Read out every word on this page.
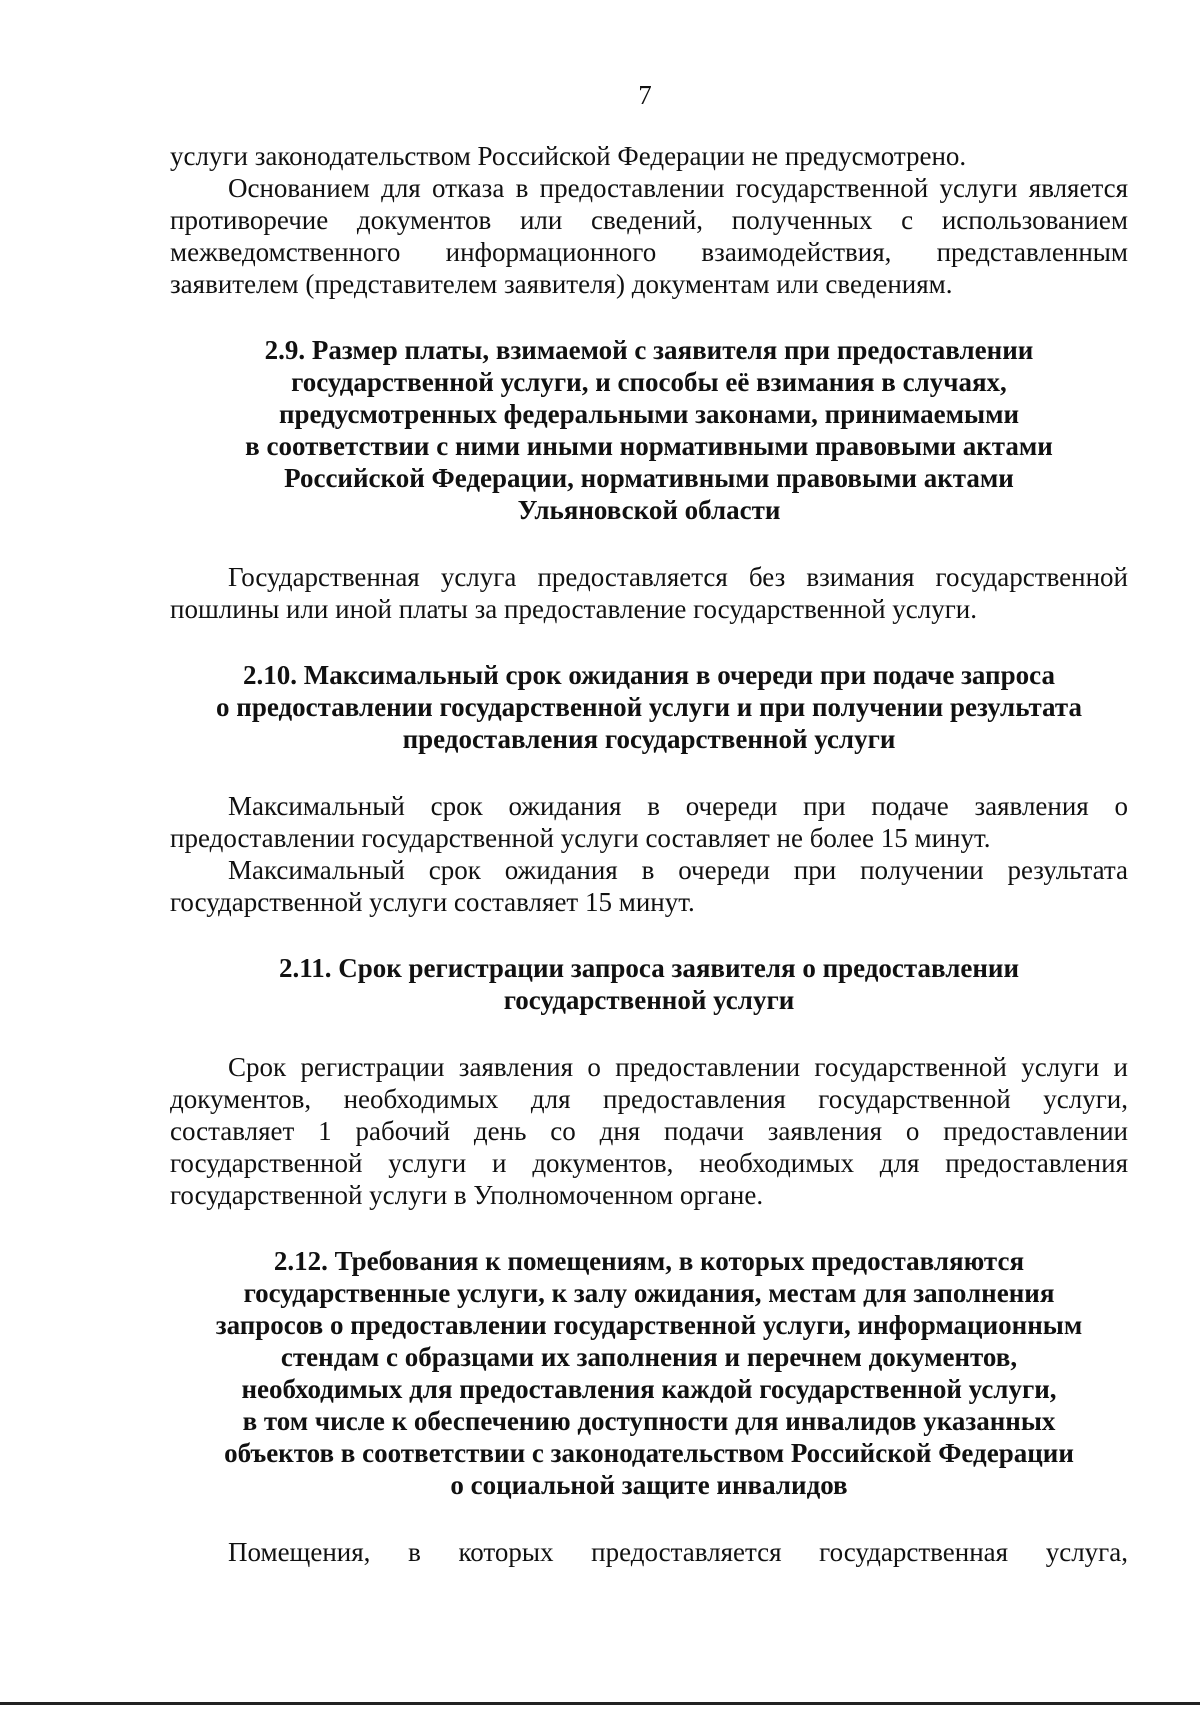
7

услуги законодательством Российской Федерации не предусмотрено.

Основанием для отказа в предоставлении государственной услуги является противоречие документов или сведений, полученных с использованием межведомственного информационного взаимодействия, представленным заявителем (представителем заявителя) документам или сведениям.

2.9. Размер платы, взимаемой с заявителя при предоставлении
государственной услуги, и способы её взимания в случаях,
предусмотренных федеральными законами, принимаемыми
в соответствии с ними иными нормативными правовыми актами
Российской Федерации, нормативными правовыми актами
Ульяновской области

Государственная услуга предоставляется без взимания государственной пошлины или иной платы за предоставление государственной услуги.

2.10. Максимальный срок ожидания в очереди при подаче запроса
о предоставлении государственной услуги и при получении результата
предоставления государственной услуги

Максимальный срок ожидания в очереди при подаче заявления о предоставлении государственной услуги составляет не более 15 минут.

Максимальный срок ожидания в очереди при получении результата государственной услуги составляет 15 минут.

2.11. Срок регистрации запроса заявителя о предоставлении
государственной услуги

Срок регистрации заявления о предоставлении государственной услуги и документов, необходимых для предоставления государственной услуги, составляет 1 рабочий день со дня подачи заявления о предоставлении государственной услуги и документов, необходимых для предоставления государственной услуги в Уполномоченном органе.

2.12. Требования к помещениям, в которых предоставляются
государственные услуги, к залу ожидания, местам для заполнения
запросов о предоставлении государственной услуги, информационным
стендам с образцами их заполнения и перечнем документов,
необходимых для предоставления каждой государственной услуги,
в том числе к обеспечению доступности для инвалидов указанных
объектов в соответствии с законодательством Российской Федерации
о социальной защите инвалидов

Помещения, в которых предоставляется государственная услуга,
